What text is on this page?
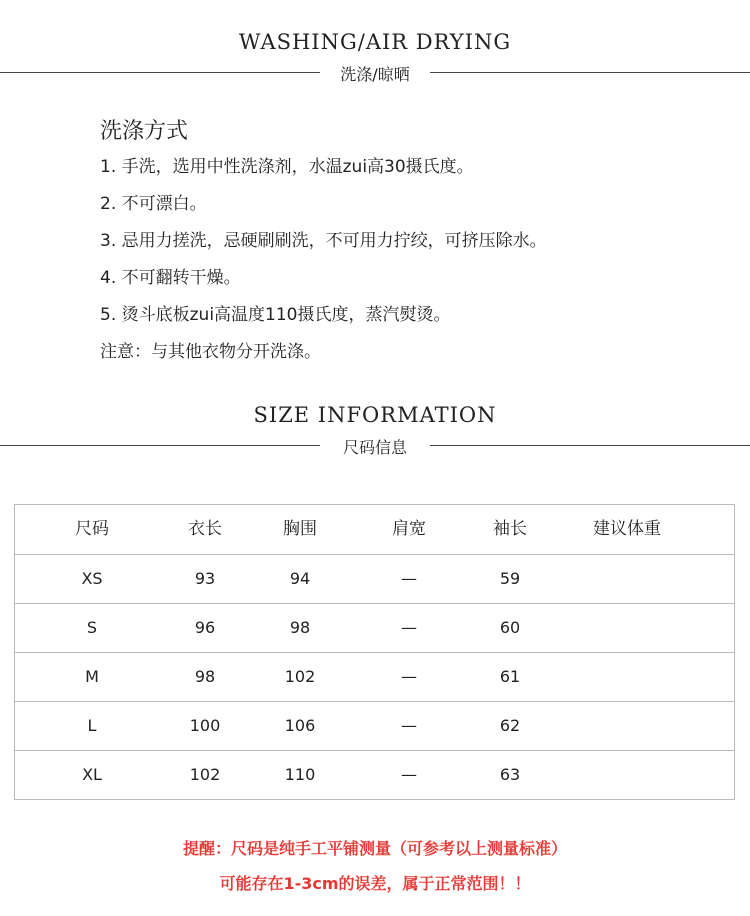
WASHING/AIR DRYING
洗涤/晾晒
洗涤方式
1. 手洗，选用中性洗涤剂，水温zui高30摄氏度。
2. 不可漂白。
3. 忌用力搓洗，忌硬刷刷洗，不可用力拧绞，可挤压除水。
4. 不可翻转干燥。
5. 烫斗底板zui高温度110摄氏度，蒸汽熨烫。
注意：与其他衣物分开洗涤。
SIZE INFORMATION
尺码信息
尺码	衣长	胸围	肩宽	袖长	建议体重
XS	93	94	—	59
S	96	98	—	60
M	98	102	—	61
L	100	106	—	62
XL	102	110	—	63
提醒：尺码是纯手工平铺测量（可参考以上测量标准）
可能存在1-3cm的误差，属于正常范围！！
